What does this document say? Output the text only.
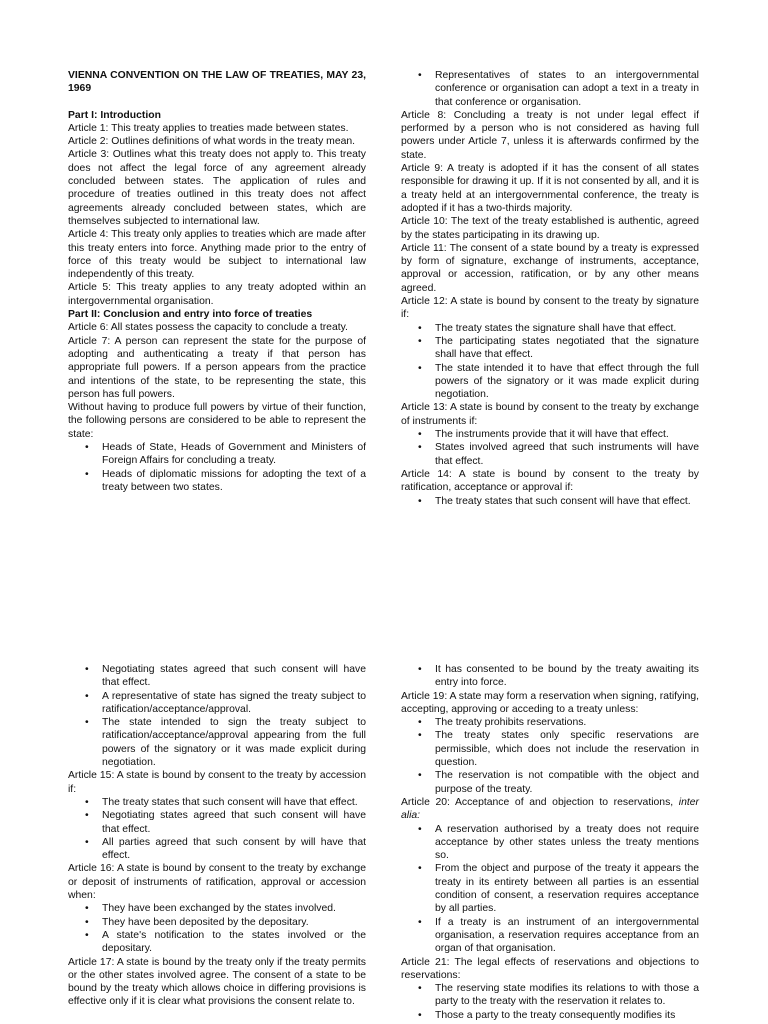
VIENNA CONVENTION ON THE LAW OF TREATIES, MAY 23, 1969

Part I: Introduction

Article 1: This treaty applies to treaties made between states.

Article 2: Outlines definitions of what words in the treaty mean.

Article 3: Outlines what this treaty does not apply to. This treaty does not affect the legal force of any agreement already concluded between states. The application of rules and procedure of treaties outlined in this treaty does not affect agreements already concluded between states, which are themselves subjected to international law.

Article 4: This treaty only applies to treaties which are made after this treaty enters into force. Anything made prior to the entry of force of this treaty would be subject to international law independently of this treaty.

Article 5: This treaty applies to any treaty adopted within an intergovernmental organisation.

Part II: Conclusion and entry into force of treaties

Article 6: All states possess the capacity to conclude a treaty.

Article 7: A person can represent the state for the purpose of adopting and authenticating a treaty if that person has appropriate full powers. If a person appears from the practice and intentions of the state, to be representing the state, this person has full powers.

Without having to produce full powers by virtue of their function, the following persons are considered to be able to represent the state:

• Heads of State, Heads of Government and Ministers of Foreign Affairs for concluding a treaty.
• Heads of diplomatic missions for adopting the text of a treaty between two states.
• Representatives of states to an intergovernmental conference or organisation can adopt a text in a treaty in that conference or organisation.

Article 8: Concluding a treaty is not under legal effect if performed by a person who is not considered as having full powers under Article 7, unless it is afterwards confirmed by the state.

Article 9: A treaty is adopted if it has the consent of all states responsible for drawing it up. If it is not consented by all, and it is a treaty held at an intergovernmental conference, the treaty is adopted if it has a two-thirds majority.

Article 10: The text of the treaty established is authentic, agreed by the states participating in its drawing up.

Article 11: The consent of a state bound by a treaty is expressed by form of signature, exchange of instruments, acceptance, approval or accession, ratification, or by any other means agreed.

Article 12: A state is bound by consent to the treaty by signature if:

• The treaty states the signature shall have that effect.
• The participating states negotiated that the signature shall have that effect.
• The state intended it to have that effect through the full powers of the signatory or it was made explicit during negotiation.

Article 13: A state is bound by consent to the treaty by exchange of instruments if:

• The instruments provide that it will have that effect.
• States involved agreed that such instruments will have that effect.

Article 14: A state is bound by consent to the treaty by ratification, acceptance or approval if:

• The treaty states that such consent will have that effect.
• Negotiating states agreed that such consent will have that effect.
• A representative of state has signed the treaty subject to ratification/acceptance/approval.
• The state intended to sign the treaty subject to ratification/acceptance/approval appearing from the full powers of the signatory or it was made explicit during negotiation.

Article 15: A state is bound by consent to the treaty by accession if:

• The treaty states that such consent will have that effect.
• Negotiating states agreed that such consent will have that effect.
• All parties agreed that such consent by will have that effect.

Article 16: A state is bound by consent to the treaty by exchange or deposit of instruments of ratification, approval or accession when:

• They have been exchanged by the states involved.
• They have been deposited by the depositary.
• A state's notification to the states involved or the depositary.

Article 17: A state is bound by the treaty only if the treaty permits or the other states involved agree. The consent of a state to be bound by the treaty which allows choice in differing provisions is effective only if it is clear what provisions the consent relate to.

• It has consented to be bound by the treaty awaiting its entry into force.

Article 19: A state may form a reservation when signing, ratifying, accepting, approving or acceding to a treaty unless:

• The treaty prohibits reservations.
• The treaty states only specific reservations are permissible, which does not include the reservation in question.
• The reservation is not compatible with the object and purpose of the treaty.

Article 20: Acceptance of and objection to reservations, inter alia:

• A reservation authorised by a treaty does not require acceptance by other states unless the treaty mentions so.
• From the object and purpose of the treaty it appears the treaty in its entirety between all parties is an essential condition of consent, a reservation requires acceptance by all parties.
• If a treaty is an instrument of an intergovernmental organisation, a reservation requires acceptance from an organ of that organisation.

Article 21: The legal effects of reservations and objections to reservations:

• The reserving state modifies its relations to with those a party to the treaty with the reservation it relates to.
• Those a party to the treaty consequently modifies its
